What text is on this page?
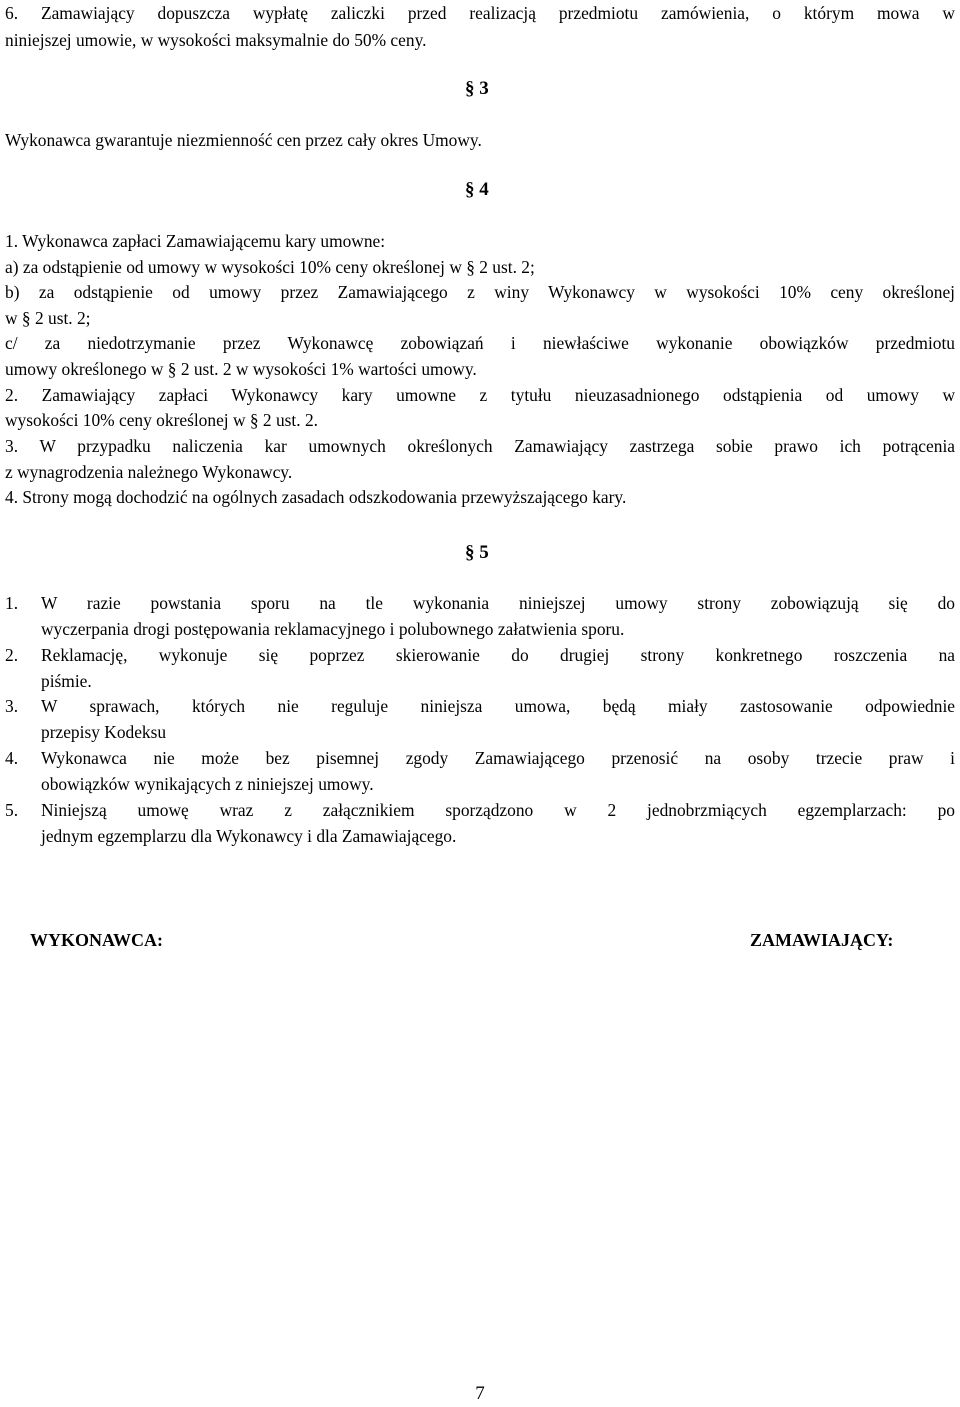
6. Zamawiający dopuszcza wypłatę zaliczki przed realizacją przedmiotu zamówienia, o którym mowa w
niniejszej umowie, w wysokości maksymalnie do 50% ceny.
§ 3
Wykonawca gwarantuje niezmienność cen przez cały okres Umowy.
§ 4
1. Wykonawca zapłaci Zamawiającemu kary umowne:
a) za odstąpienie od umowy w wysokości 10% ceny określonej w § 2 ust. 2;
b) za odstąpienie od umowy przez Zamawiającego z winy Wykonawcy w wysokości 10% ceny określonej
w § 2 ust. 2;
c/ za niedotrzymanie przez Wykonawcę zobowiązań i niewłaściwe wykonanie obowiązków przedmiotu
umowy określonego w § 2 ust. 2 w wysokości 1% wartości umowy.
2. Zamawiający zapłaci Wykonawcy kary umowne z tytułu nieuzasadnionego odstąpienia od umowy w
wysokości 10% ceny określonej w § 2 ust. 2.
3. W przypadku naliczenia kar umownych określonych Zamawiający zastrzega sobie prawo ich potrącenia
z wynagrodzenia należnego Wykonawcy.
4. Strony mogą dochodzić na ogólnych zasadach odszkodowania przewyższającego kary.
§ 5
1. W razie powstania sporu na tle wykonania niniejszej umowy strony zobowiązują się do
wyczerpania drogi postępowania reklamacyjnego i polubownego załatwienia sporu.
2. Reklamację, wykonuje się poprzez skierowanie do drugiej strony konkretnego roszczenia na
piśmie.
3. W sprawach, których nie reguluje niniejsza umowa, będą miały zastosowanie odpowiednie
przepisy Kodeksu
4. Wykonawca nie może bez pisemnej zgody Zamawiającego przenosić na osoby trzecie praw i
obowiązków wynikających z niniejszej umowy.
5. Niniejszą umowę wraz z załącznikiem sporządzono w 2 jednobrzmiących egzemplarzach: po
jednym egzemplarzu dla Wykonawcy i dla Zamawiającego.
WYKONAWCA:	ZAMAWIAJĄCY:
7
